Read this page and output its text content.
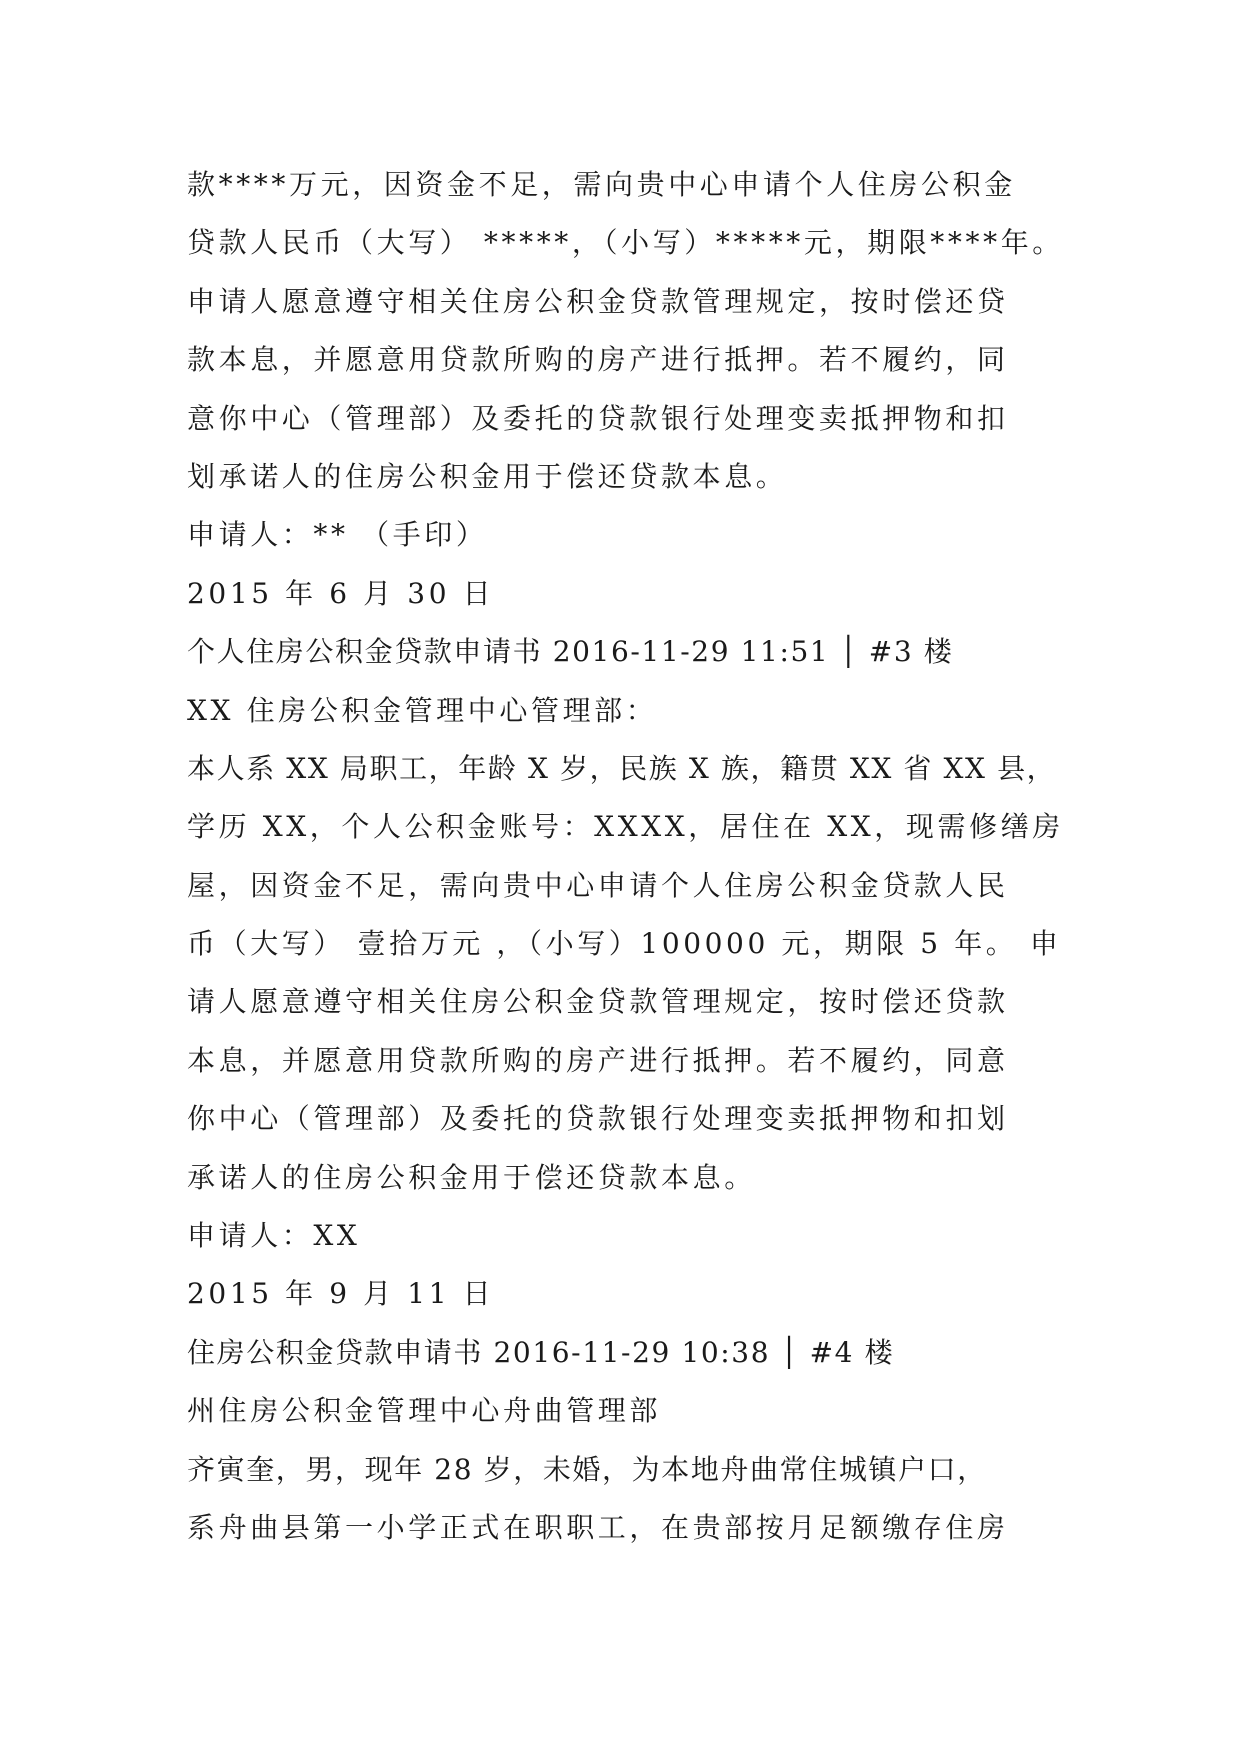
款****万元，因资金不足，需向贵中心申请个人住房公积金
贷款人民币（大写） *****，（小写）*****元，期限****年。
申请人愿意遵守相关住房公积金贷款管理规定，按时偿还贷
款本息，并愿意用贷款所购的房产进行抵押。若不履约，同
意你中心（管理部）及委托的贷款银行处理变卖抵押物和扣
划承诺人的住房公积金用于偿还贷款本息。
申请人：** （手印）
2015 年 6 月 30 日
个人住房公积金贷款申请书 2016-11-29 11:51 │ #3 楼
XX 住房公积金管理中心管理部：
本人系 XX 局职工，年龄 X 岁，民族 X 族，籍贯 XX 省 XX 县，
学历 XX，个人公积金账号：XXXX，居住在 XX，现需修缮房
屋，因资金不足，需向贵中心申请个人住房公积金贷款人民
币（大写） 壹拾万元 ，（小写）100000 元，期限 5 年。 申
请人愿意遵守相关住房公积金贷款管理规定，按时偿还贷款
本息，并愿意用贷款所购的房产进行抵押。若不履约，同意
你中心（管理部）及委托的贷款银行处理变卖抵押物和扣划
承诺人的住房公积金用于偿还贷款本息。
申请人：XX
2015 年 9 月 11 日
住房公积金贷款申请书 2016-11-29 10:38 │ #4 楼
州住房公积金管理中心舟曲管理部
齐寅奎，男，现年 28 岁，未婚，为本地舟曲常住城镇户口，
系舟曲县第一小学正式在职职工，在贵部按月足额缴存住房
